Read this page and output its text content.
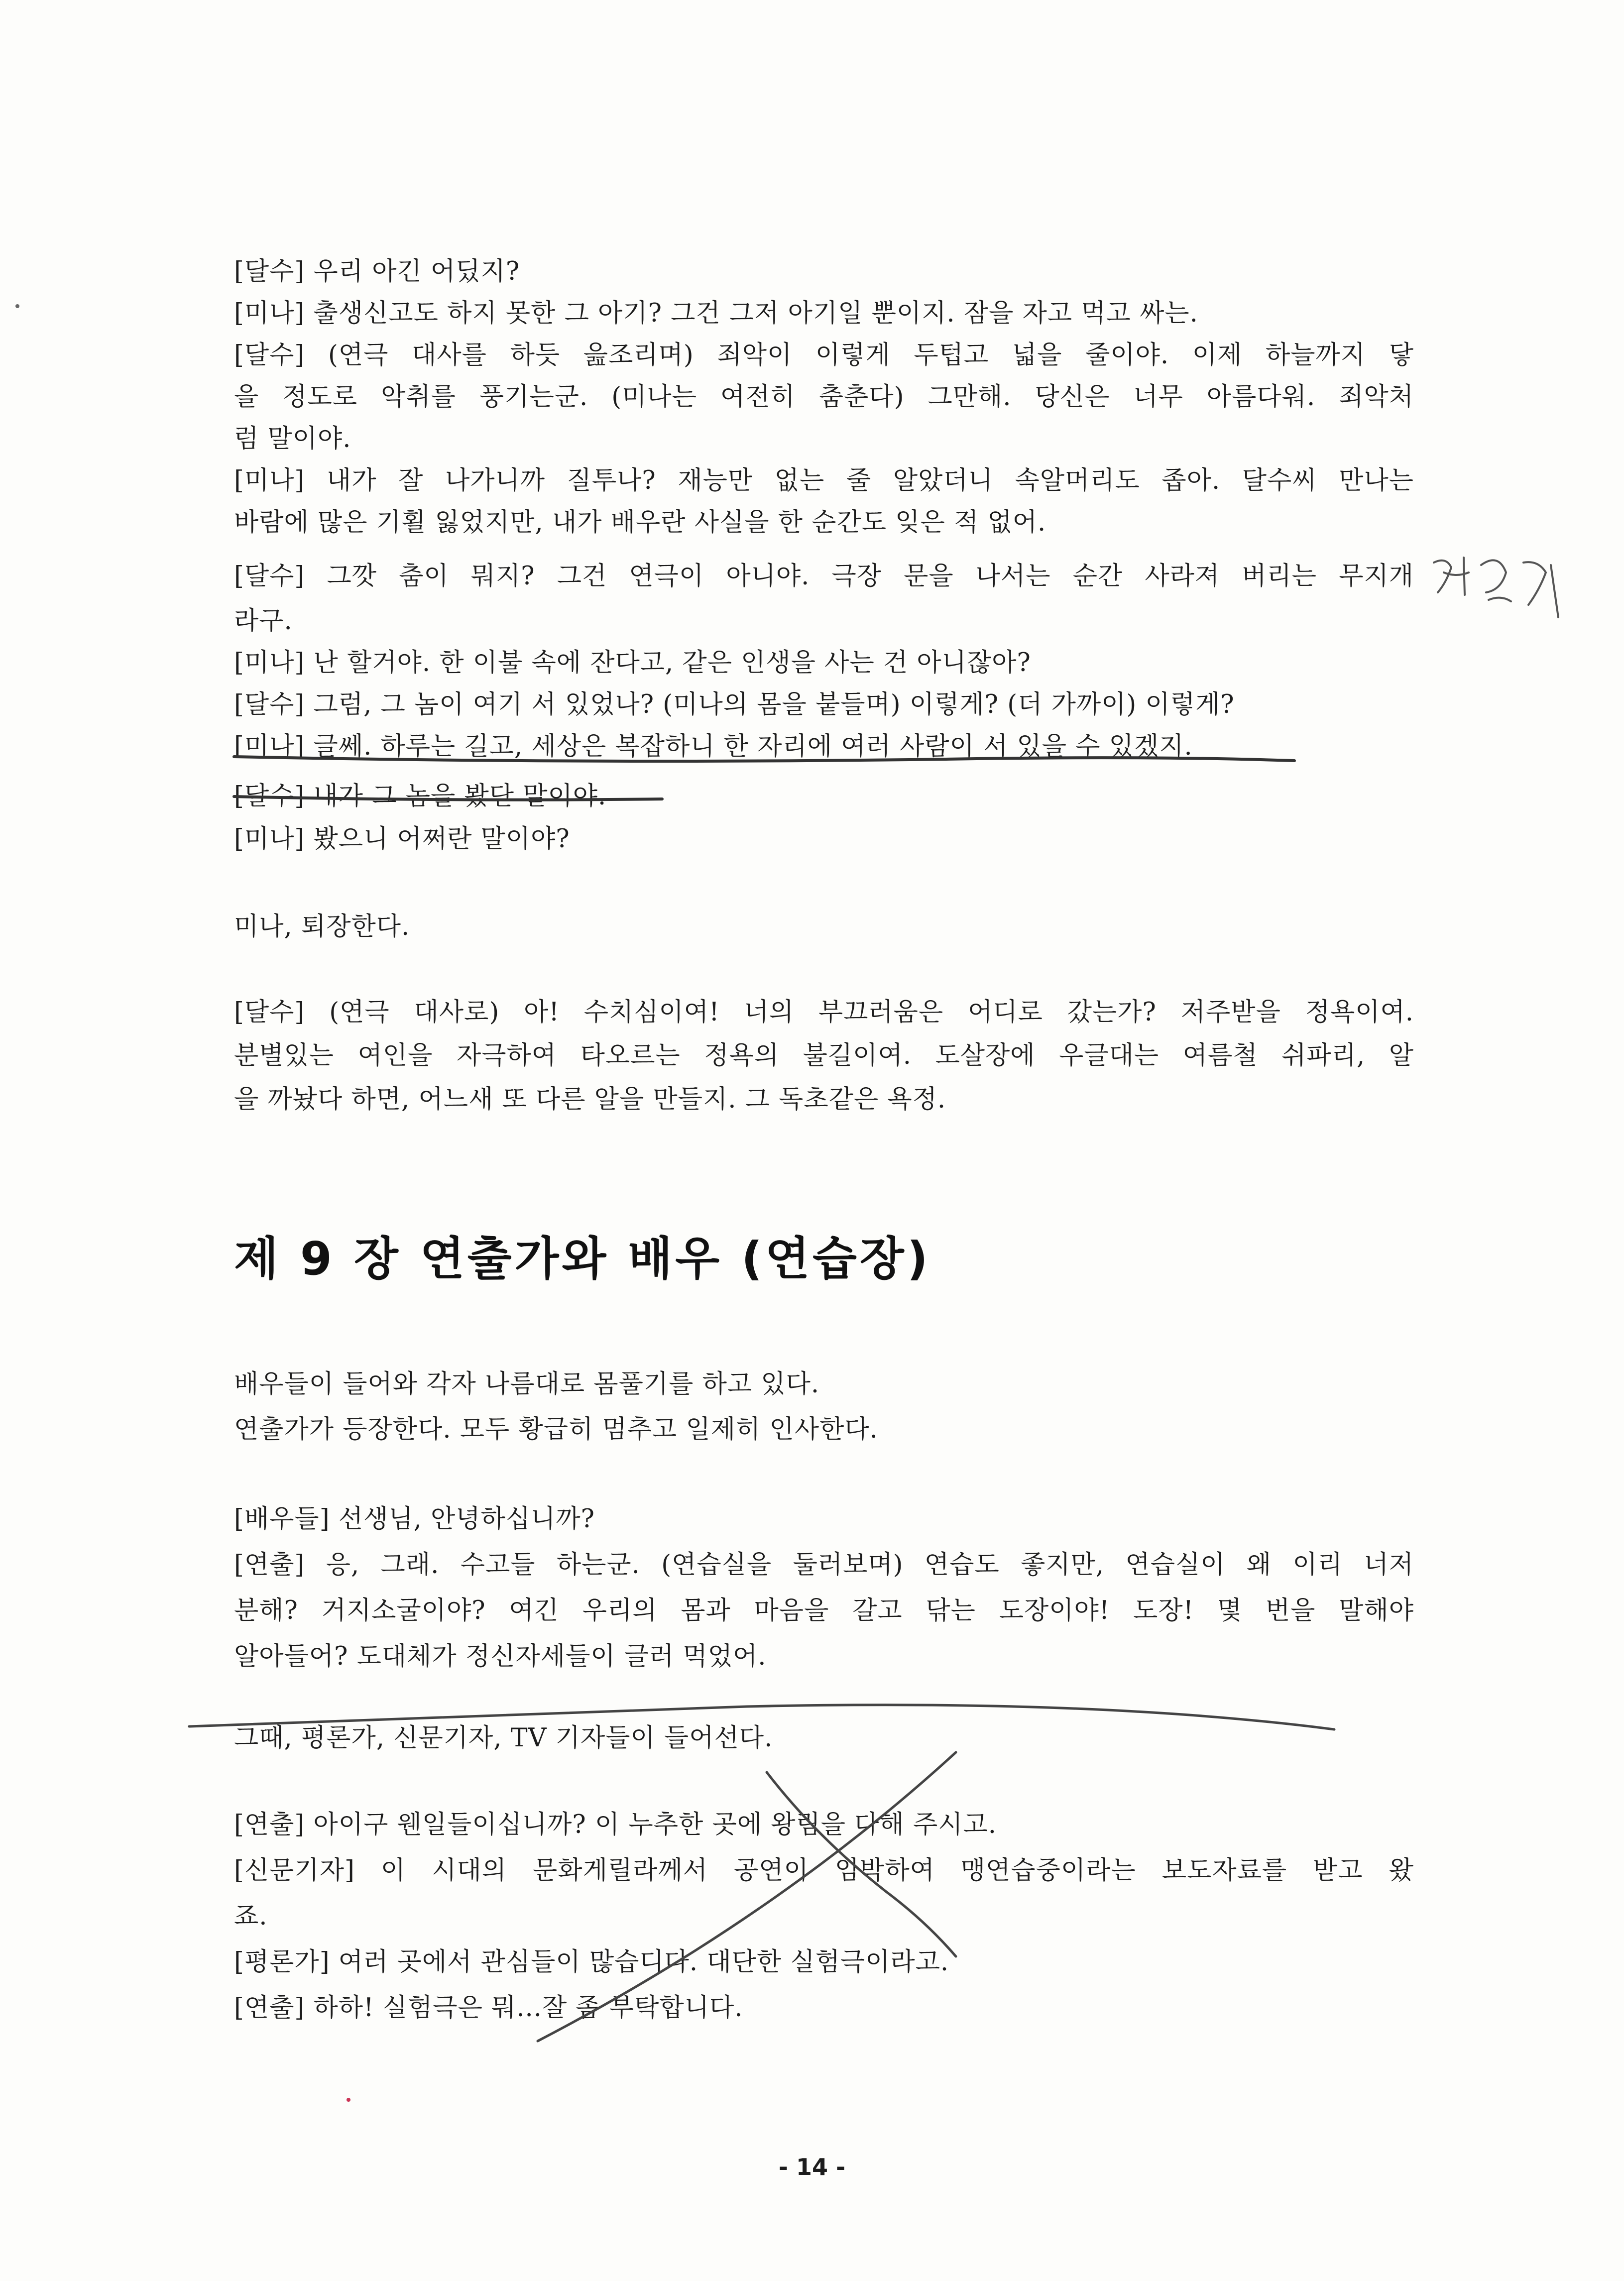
[달수] 우리 아긴 어딨지?
[미나] 출생신고도 하지 못한 그 아기? 그건 그저 아기일 뿐이지. 잠을 자고 먹고 싸는.
[달수] (연극 대사를 하듯 읊조리며) 죄악이 이렇게 두텁고 넓을 줄이야. 이제 하늘까지 닿
을 정도로 악취를 풍기는군. (미나는 여전히 춤춘다) 그만해. 당신은 너무 아름다워. 죄악처
럼 말이야.
[미나] 내가 잘 나가니까 질투나? 재능만 없는 줄 알았더니 속알머리도 좁아. 달수씨 만나는
바람에 많은 기횔 잃었지만, 내가 배우란 사실을 한 순간도 잊은 적 없어.
[달수] 그깟 춤이 뭐지? 그건 연극이 아니야. 극장 문을 나서는 순간 사라져 버리는 무지개
라구.
[미나] 난 할거야. 한 이불 속에 잔다고, 같은 인생을 사는 건 아니잖아?
[달수] 그럼, 그 놈이 여기 서 있었나? (미나의 몸을 붙들며) 이렇게? (더 가까이) 이렇게?
[미나] 글쎄. 하루는 길고, 세상은 복잡하니 한 자리에 여러 사람이 서 있을 수 있겠지.
[달수] 내가 그 놈을 봤단 말이야.
[미나] 봤으니 어쩌란 말이야?
미나, 퇴장한다.
[달수] (연극 대사로) 아! 수치심이여! 너의 부끄러움은 어디로 갔는가? 저주받을 정욕이여.
분별있는 여인을 자극하여 타오르는 정욕의 불길이여. 도살장에 우글대는 여름철 쉬파리, 알
을 까놨다 하면, 어느새 또 다른 알을 만들지. 그 독초같은 욕정.
제 9 장 연출가와 배우 (연습장)
배우들이 들어와 각자 나름대로 몸풀기를 하고 있다.
연출가가 등장한다. 모두 황급히 멈추고 일제히 인사한다.
[배우들] 선생님, 안녕하십니까?
[연출] 응, 그래. 수고들 하는군. (연습실을 둘러보며) 연습도 좋지만, 연습실이 왜 이리 너저
분해? 거지소굴이야? 여긴 우리의 몸과 마음을 갈고 닦는 도장이야! 도장! 몇 번을 말해야
알아들어? 도대체가 정신자세들이 글러 먹었어.
그때, 평론가, 신문기자, TV 기자들이 들어선다.
[연출] 아이구 웬일들이십니까? 이 누추한 곳에 왕림을 다해 주시고.
[신문기자] 이 시대의 문화게릴라께서 공연이 임박하여 맹연습중이라는 보도자료를 받고 왔
죠.
[평론가] 여러 곳에서 관심들이 많습디다. 대단한 실험극이라고.
[연출] 하하! 실험극은 뭐...잘 좀 부탁합니다.
- 14 -
